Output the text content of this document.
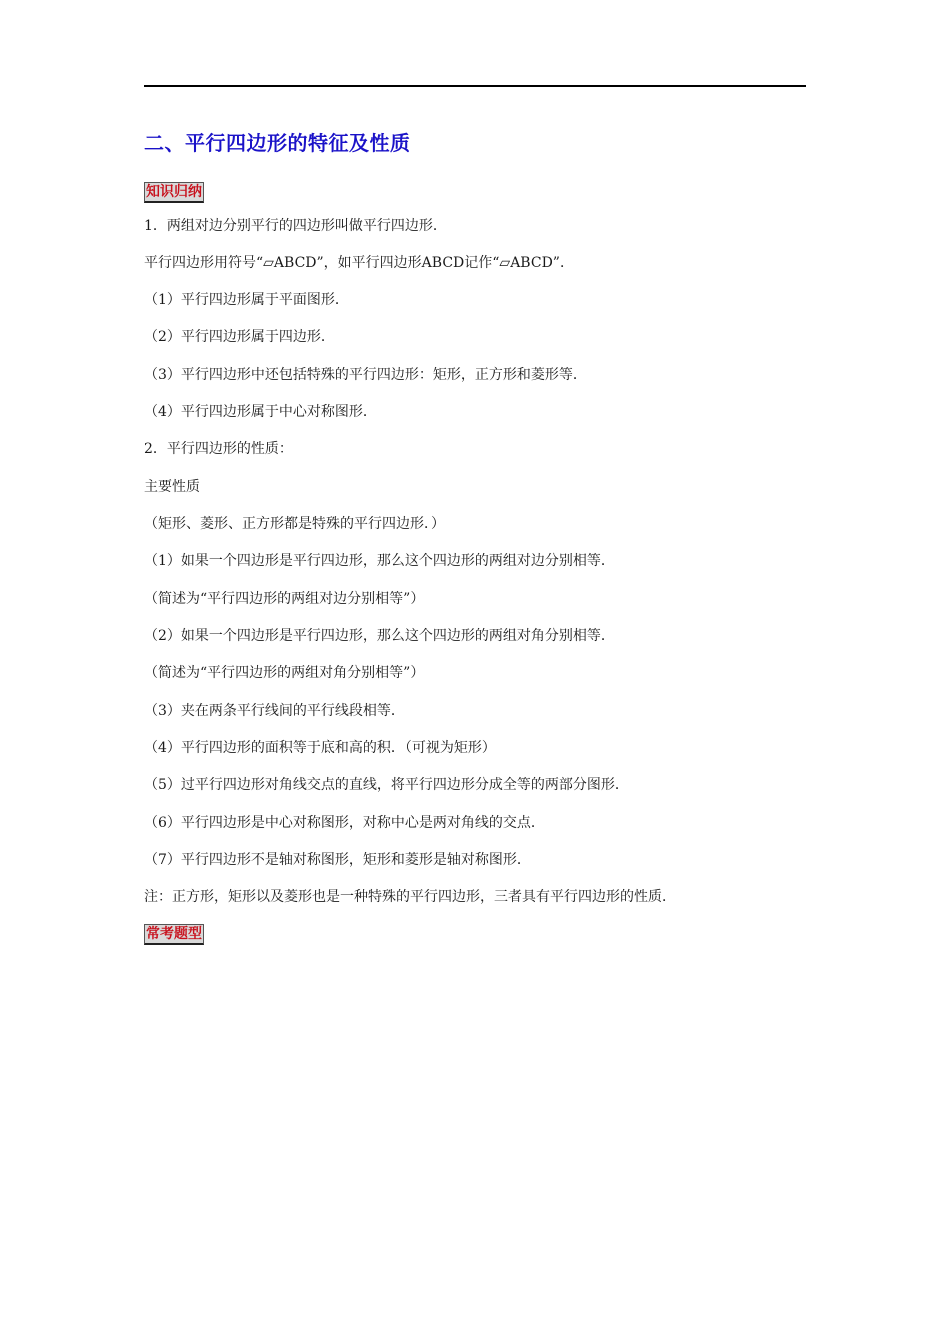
二、平行四边形的特征及性质
知识归纳
1．两组对边分别平行的四边形叫做平行四边形．
平行四边形用符号“▱ABCD”，如平行四边形ABCD记作“▱ABCD”．
（1）平行四边形属于平面图形．
（2）平行四边形属于四边形．
（3）平行四边形中还包括特殊的平行四边形：矩形，正方形和菱形等．
（4）平行四边形属于中心对称图形．
2．平行四边形的性质：
主要性质
（矩形、菱形、正方形都是特殊的平行四边形．）
（1）如果一个四边形是平行四边形，那么这个四边形的两组对边分别相等．
（简述为“平行四边形的两组对边分别相等”）
（2）如果一个四边形是平行四边形，那么这个四边形的两组对角分别相等．
（简述为“平行四边形的两组对角分别相等”）
（3）夹在两条平行线间的平行线段相等．
（4）平行四边形的面积等于底和高的积．（可视为矩形）
（5）过平行四边形对角线交点的直线，将平行四边形分成全等的两部分图形．
（6）平行四边形是中心对称图形，对称中心是两对角线的交点．
（7）平行四边形不是轴对称图形，矩形和菱形是轴对称图形．
注：正方形，矩形以及菱形也是一种特殊的平行四边形，三者具有平行四边形的性质．
常考题型
